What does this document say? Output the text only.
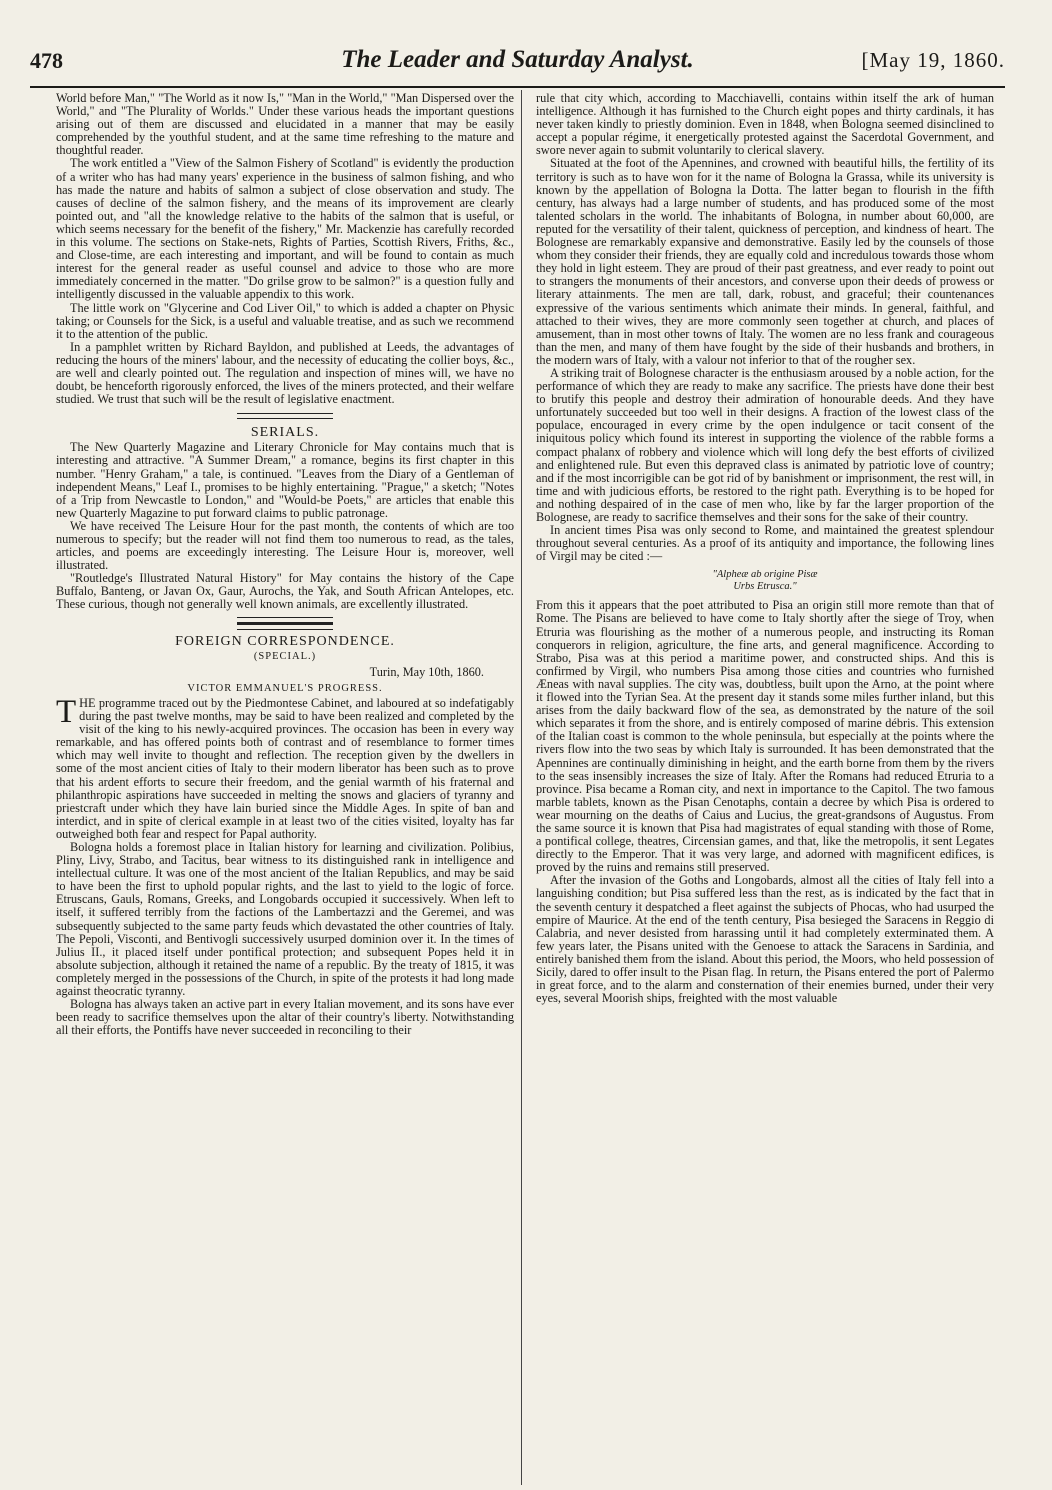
478	The Leader and Saturday Analyst.	[May 19, 1860.

World before Man," "The World as it now Is," "Man in the World," "Man Dispersed over the World," and "The Plurality of Worlds." Under these various heads the important questions arising out of them are discussed and elucidated in a manner that may be easily comprehended by the youthful student, and at the same time refreshing to the mature and thoughtful reader.

The work entitled a "View of the Salmon Fishery of Scotland" is evidently the production of a writer who has had many years' experience in the business of salmon fishing, and who has made the nature and habits of salmon a subject of close observation and study. The causes of decline of the salmon fishery, and the means of its improvement are clearly pointed out, and "all the knowledge relative to the habits of the salmon that is useful, or which seems necessary for the benefit of the fishery," Mr. Mackenzie has carefully recorded in this volume. The sections on Stake-nets, Rights of Parties, Scottish Rivers, Friths, &c., and Close-time, are each interesting and important, and will be found to contain as much interest for the general reader as useful counsel and advice to those who are more immediately concerned in the matter. "Do grilse grow to be salmon?" is a question fully and intelligently discussed in the valuable appendix to this work.

The little work on "Glycerine and Cod Liver Oil," to which is added a chapter on Physic taking; or Counsels for the Sick, is a useful and valuable treatise, and as such we recommend it to the attention of the public.

In a pamphlet written by Richard Bayldon, and published at Leeds, the advantages of reducing the hours of the miners' labour, and the necessity of educating the collier boys, &c., are well and clearly pointed out. The regulation and inspection of mines will, we have no doubt, be henceforth rigorously enforced, the lives of the miners protected, and their welfare studied. We trust that such will be the result of legislative enactment.

SERIALS.

The New Quarterly Magazine and Literary Chronicle for May contains much that is interesting and attractive. "A Summer Dream," a romance, begins its first chapter in this number. "Henry Graham," a tale, is continued. "Leaves from the Diary of a Gentleman of independent Means," Leaf I., promises to be highly entertaining. "Prague," a sketch; "Notes of a Trip from Newcastle to London," and "Would-be Poets," are articles that enable this new Quarterly Magazine to put forward claims to public patronage.

We have received The Leisure Hour for the past month, the contents of which are too numerous to specify; but the reader will not find them too numerous to read, as the tales, articles, and poems are exceedingly interesting. The Leisure Hour is, moreover, well illustrated.

"Routledge's Illustrated Natural History" for May contains the history of the Cape Buffalo, Banteng, or Javan Ox, Gaur, Aurochs, the Yak, and South African Antelopes, etc. These curious, though not generally well known animals, are excellently illustrated.

FOREIGN CORRESPONDENCE.
(SPECIAL.)
Turin, May 10th, 1860.
VICTOR EMMANUEL'S PROGRESS.

THE programme traced out by the Piedmontese Cabinet, and laboured at so indefatigably during the past twelve months, may be said to have been realized and completed by the visit of the king to his newly-acquired provinces. The occasion has been in every way remarkable, and has offered points both of contrast and of resemblance to former times which may well invite to thought and reflection. The reception given by the dwellers in some of the most ancient cities of Italy to their modern liberator has been such as to prove that his ardent efforts to secure their freedom, and the genial warmth of his fraternal and philanthropic aspirations have succeeded in melting the snows and glaciers of tyranny and priestcraft under which they have lain buried since the Middle Ages. In spite of ban and interdict, and in spite of clerical example in at least two of the cities visited, loyalty has far outweighed both fear and respect for Papal authority.

Bologna holds a foremost place in Italian history for learning and civilization. Polibius, Pliny, Livy, Strabo, and Tacitus, bear witness to its distinguished rank in intelligence and intellectual culture. It was one of the most ancient of the Italian Republics, and may be said to have been the first to uphold popular rights, and the last to yield to the logic of force. Etruscans, Gauls, Romans, Greeks, and Longobards occupied it successively. When left to itself, it suffered terribly from the factions of the Lambertazzi and the Geremei, and was subsequently subjected to the same party feuds which devastated the other countries of Italy. The Pepoli, Visconti, and Bentivogli successively usurped dominion over it. In the times of Julius II., it placed itself under pontifical protection; and subsequent Popes held it in absolute subjection, although it retained the name of a republic. By the treaty of 1815, it was completely merged in the possessions of the Church, in spite of the protests it had long made against theocratic tyranny.

Bologna has always taken an active part in every Italian movement, and its sons have ever been ready to sacrifice themselves upon the altar of their country's liberty. Notwithstanding all their efforts, the Pontiffs have never succeeded in reconciling to their

rule that city which, according to Macchiavelli, contains within itself the ark of human intelligence. Although it has furnished to the Church eight popes and thirty cardinals, it has never taken kindly to priestly dominion. Even in 1848, when Bologna seemed disinclined to accept a popular régime, it energetically protested against the Sacerdotal Government, and swore never again to submit voluntarily to clerical slavery.

Situated at the foot of the Apennines, and crowned with beautiful hills, the fertility of its territory is such as to have won for it the name of Bologna la Grassa, while its university is known by the appellation of Bologna la Dotta. The latter began to flourish in the fifth century, has always had a large number of students, and has produced some of the most talented scholars in the world. The inhabitants of Bologna, in number about 60,000, are reputed for the versatility of their talent, quickness of perception, and kindness of heart. The Bolognese are remarkably expansive and demonstrative. Easily led by the counsels of those whom they consider their friends, they are equally cold and incredulous towards those whom they hold in light esteem. They are proud of their past greatness, and ever ready to point out to strangers the monuments of their ancestors, and converse upon their deeds of prowess or literary attainments. The men are tall, dark, robust, and graceful; their countenances expressive of the various sentiments which animate their minds. In general, faithful, and attached to their wives, they are more commonly seen together at church, and places of amusement, than in most other towns of Italy. The women are no less frank and courageous than the men, and many of them have fought by the side of their husbands and brothers, in the modern wars of Italy, with a valour not inferior to that of the rougher sex.

A striking trait of Bolognese character is the enthusiasm aroused by a noble action, for the performance of which they are ready to make any sacrifice. The priests have done their best to brutify this people and destroy their admiration of honourable deeds. And they have unfortunately succeeded but too well in their designs. A fraction of the lowest class of the populace, encouraged in every crime by the open indulgence or tacit consent of the iniquitous policy which found its interest in supporting the violence of the rabble forms a compact phalanx of robbery and violence which will long defy the best efforts of civilized and enlightened rule. But even this depraved class is animated by patriotic love of country; and if the most incorrigible can be got rid of by banishment or imprisonment, the rest will, in time and with judicious efforts, be restored to the right path. Everything is to be hoped for and nothing despaired of in the case of men who, like by far the larger proportion of the Bolognese, are ready to sacrifice themselves and their sons for the sake of their country.

In ancient times Pisa was only second to Rome, and maintained the greatest splendour throughout several centuries. As a proof of its antiquity and importance, the following lines of Virgil may be cited :—

"Alpheæ ab origine Pisæ
Urbs Etrusca."

From this it appears that the poet attributed to Pisa an origin still more remote than that of Rome. The Pisans are believed to have come to Italy shortly after the siege of Troy, when Etruria was flourishing as the mother of a numerous people, and instructing its Roman conquerors in religion, agriculture, the fine arts, and general magnificence. According to Strabo, Pisa was at this period a maritime power, and constructed ships. And this is confirmed by Virgil, who numbers Pisa among those cities and countries who furnished Æneas with naval supplies. The city was, doubtless, built upon the Arno, at the point where it flowed into the Tyrian Sea. At the present day it stands some miles further inland, but this arises from the daily backward flow of the sea, as demonstrated by the nature of the soil which separates it from the shore, and is entirely composed of marine débris. This extension of the Italian coast is common to the whole peninsula, but especially at the points where the rivers flow into the two seas by which Italy is surrounded. It has been demonstrated that the Apennines are continually diminishing in height, and the earth borne from them by the rivers to the seas insensibly increases the size of Italy. After the Romans had reduced Etruria to a province. Pisa became a Roman city, and next in importance to the Capitol. The two famous marble tablets, known as the Pisan Cenotaphs, contain a decree by which Pisa is ordered to wear mourning on the deaths of Caius and Lucius, the great-grandsons of Augustus. From the same source it is known that Pisa had magistrates of equal standing with those of Rome, a pontifical college, theatres, Circensian games, and that, like the metropolis, it sent Legates directly to the Emperor. That it was very large, and adorned with magnificent edifices, is proved by the ruins and remains still preserved.

After the invasion of the Goths and Longobards, almost all the cities of Italy fell into a languishing condition; but Pisa suffered less than the rest, as is indicated by the fact that in the seventh century it despatched a fleet against the subjects of Phocas, who had usurped the empire of Maurice. At the end of the tenth century, Pisa besieged the Saracens in Reggio di Calabria, and never desisted from harassing until it had completely exterminated them. A few years later, the Pisans united with the Genoese to attack the Saracens in Sardinia, and entirely banished them from the island. About this period, the Moors, who held possession of Sicily, dared to offer insult to the Pisan flag. In return, the Pisans entered the port of Palermo in great force, and to the alarm and consternation of their enemies burned, under their very eyes, several Moorish ships, freighted with the most valuable
